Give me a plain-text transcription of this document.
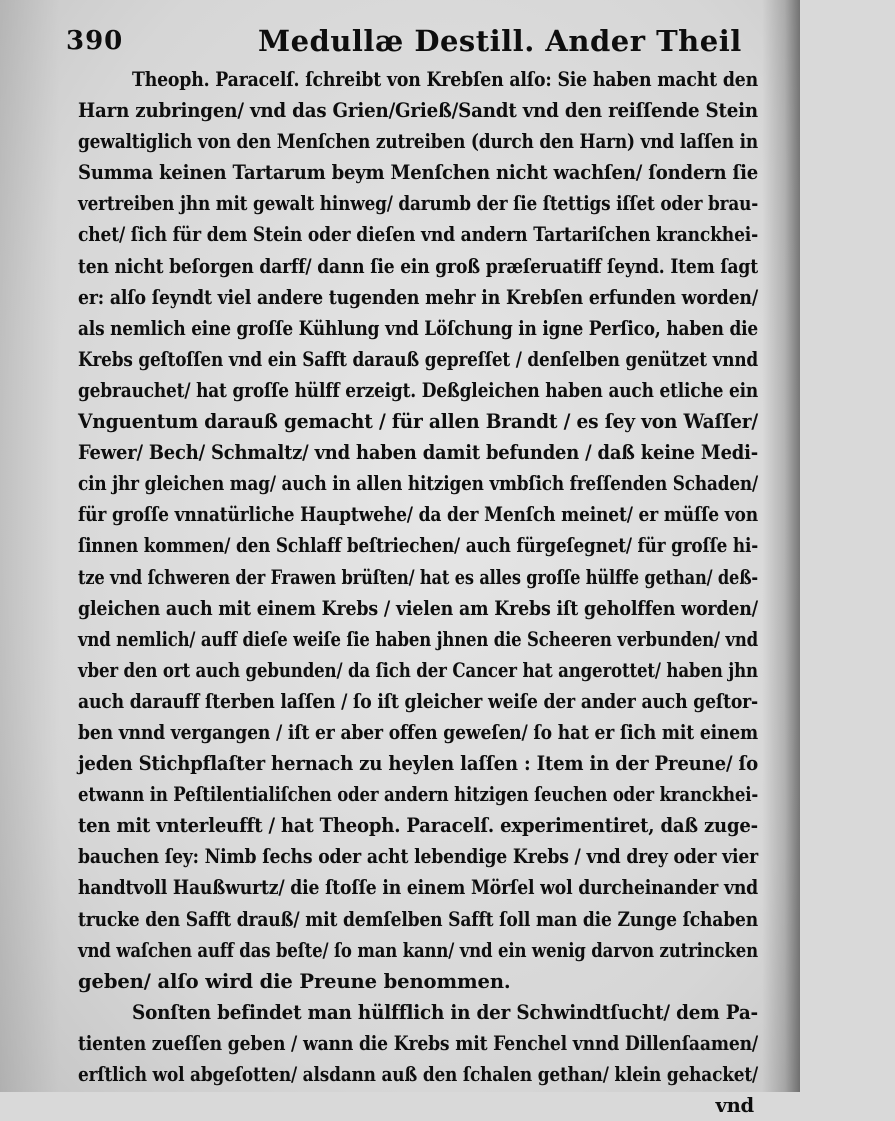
390	Medullæ Destill. Ander Theil
Theoph. Paracelſ. ſchreibt von Krebſen alſo: Sie haben macht den
Harn zubringen/ vnd das Grien/Grieß/Sandt vnd den reiſſende Stein
gewaltiglich von den Menſchen zutreiben (durch den Harn) vnd laſſen in
Summa keinen Tartarum beym Menſchen nicht wachſen/ ſondern ſie
vertreiben jhn mit gewalt hinweg/ darumb der ſie ſtettigs iſſet oder brau-
chet/ ſich für dem Stein oder dieſen vnd andern Tartariſchen kranckhei-
ten nicht beſorgen darff/ dann ſie ein groß præſeruatiff ſeynd. Item ſagt
er: alſo ſeyndt viel andere tugenden mehr in Krebſen erfunden worden/
als nemlich eine groſſe Kühlung vnd Löſchung in igne Perſico, haben die
Krebs geſtoſſen vnd ein Safft darauß gepreſſet / denſelben genützet vnnd
gebrauchet/ hat groſſe hülff erzeigt. Deßgleichen haben auch etliche ein
Vnguentum darauß gemacht / für allen Brandt / es ſey von Waſſer/
Fewer/ Bech/ Schmaltz/ vnd haben damit befunden / daß keine Medi-
cin jhr gleichen mag/ auch in allen hitzigen vmbſich freſſenden Schaden/
für groſſe vnnatürliche Hauptwehe/ da der Menſch meinet/ er müſſe von
ſinnen kommen/ den Schlaff beſtriechen/ auch fürgeſegnet/ für groſſe hi-
tze vnd ſchweren der Frawen brüſten/ hat es alles groſſe hülffe gethan/ deß-
gleichen auch mit einem Krebs / vielen am Krebs iſt geholffen worden/
vnd nemlich/ auff dieſe weiſe ſie haben jhnen die Scheeren verbunden/ vnd
vber den ort auch gebunden/ da ſich der Cancer hat angerottet/ haben jhn
auch darauff ſterben laſſen / ſo iſt gleicher weiſe der ander auch geſtor-
ben vnnd vergangen / iſt er aber offen geweſen/ ſo hat er ſich mit einem
jeden Stichpflaſter hernach zu heylen laſſen : Item in der Preune/ ſo
etwann in Peſtilentialiſchen oder andern hitzigen ſeuchen oder kranckhei-
ten mit vnterleufft / hat Theoph. Paracelſ. experimentiret, daß zuge-
bauchen ſey: Nimb ſechs oder acht lebendige Krebs / vnd drey oder vier
handtvoll Haußwurtz/ die ſtoſſe in einem Mörſel wol durcheinander vnd
trucke den Safft drauß/ mit demſelben Safft ſoll man die Zunge ſchaben
vnd waſchen auff das beſte/ ſo man kann/ vnd ein wenig darvon zutrincken
geben/ alſo wird die Preune benommen.
Sonſten befindet man hülfflich in der Schwindtſucht/ dem Pa-
tienten zueſſen geben / wann die Krebs mit Fenchel vnnd Dillenſaamen/
erſtlich wol abgeſotten/ alsdann auß den ſchalen gethan/ klein gehacket/
vnd
